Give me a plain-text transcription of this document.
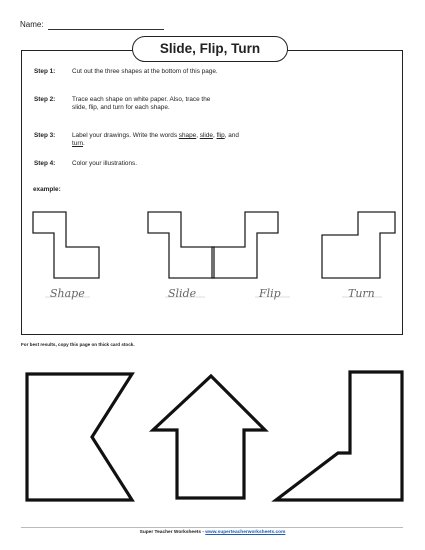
Name:
Slide, Flip, Turn
Step 1:	Cut out the three shapes at the bottom of this page.
Step 2:	Trace each shape on white paper. Also, trace the slide, flip, and turn for each shape.
Step 3:	Label your drawings. Write the words shape, slide, flip, and turn.
Step 4:	Color your illustrations.
example:
Shape	Slide	Flip	Turn
For best results, copy this page on thick card stock.
Super Teacher Worksheets - www.superteacherworksheets.com
